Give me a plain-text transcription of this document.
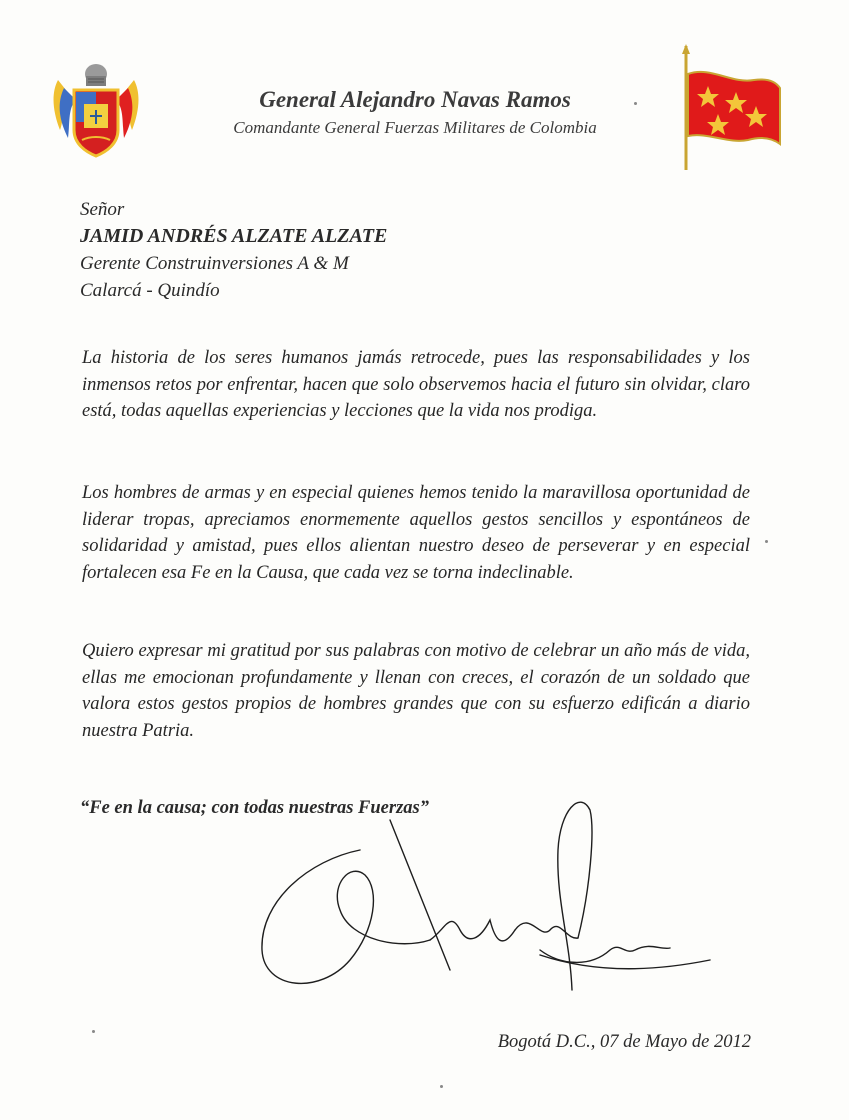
General Alejandro Navas Ramos
Comandante General Fuerzas Militares de Colombia
Señor
JAMID ANDRÉS ALZATE ALZATE
Gerente Construinversiones A & M
Calarcá - Quindío
La historia de los seres humanos jamás retrocede, pues las responsabilidades y los inmensos retos por enfrentar, hacen que solo observemos hacia el futuro sin olvidar, claro está, todas aquellas experiencias y lecciones que la vida nos prodiga.
Los hombres de armas y en especial quienes hemos tenido la maravillosa oportunidad de liderar tropas, apreciamos enormemente aquellos gestos sencillos y espontáneos de solidaridad y amistad, pues ellos alientan nuestro deseo de perseverar y en especial fortalecen esa Fe en la Causa, que cada vez se torna indeclinable.
Quiero expresar mi gratitud por sus palabras con motivo de celebrar un año más de vida, ellas me emocionan profundamente y llenan con creces, el corazón de un soldado que valora estos gestos propios de hombres grandes que con su esfuerzo edificán a diario nuestra Patria.
“Fe en la causa; con todas nuestras Fuerzas”
Bogotá D.C., 07 de Mayo de 2012
